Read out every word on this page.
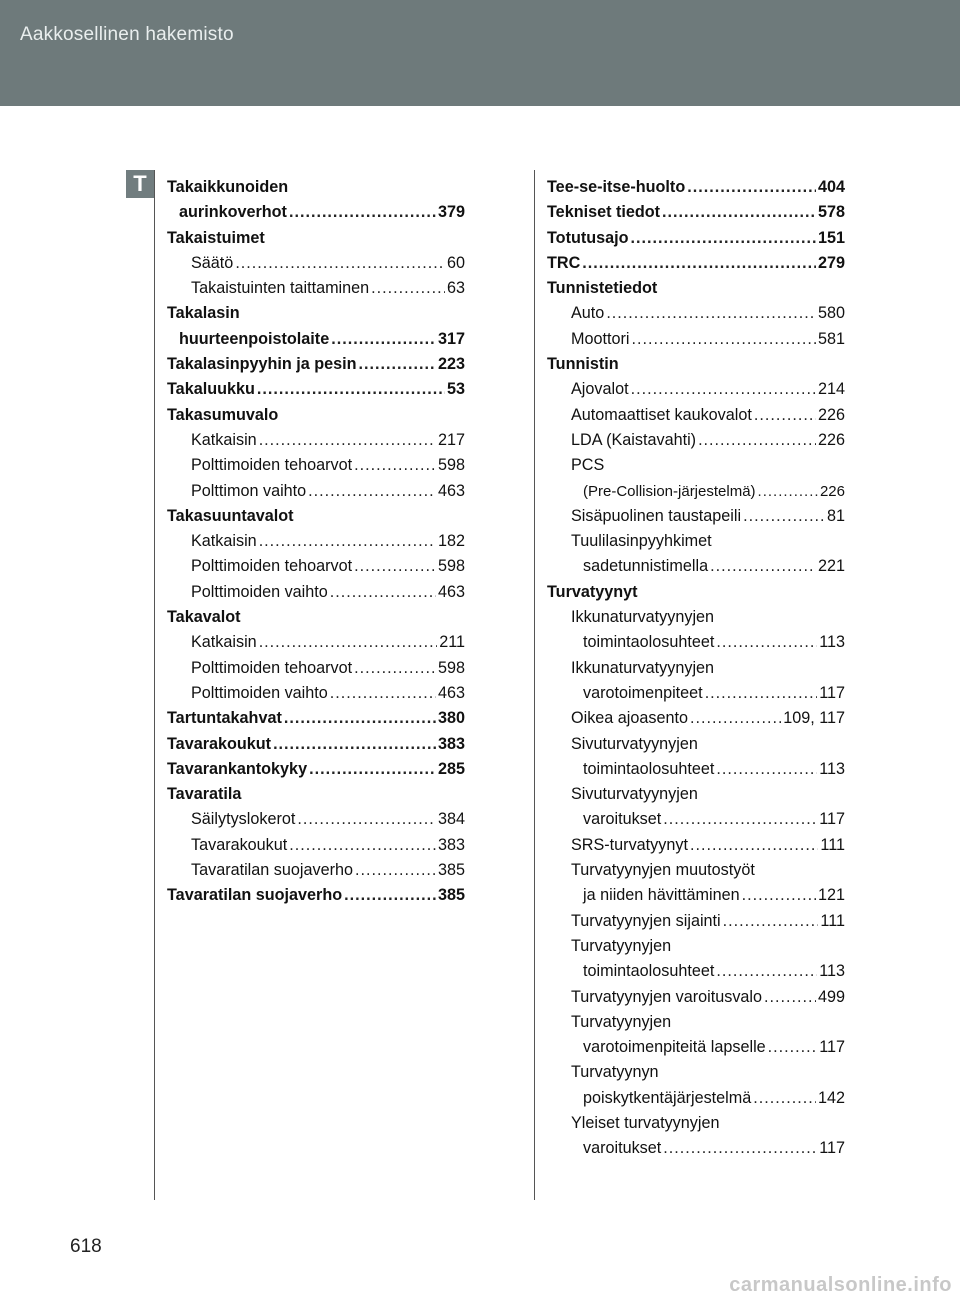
Aakkosellinen hakemisto
T	Takaikkunoiden
aurinkoverhot .....	379
Takaistuimet
Säätö .....	60
Takaistuinten taittaminen .....	63
Takalasin
huurteenpoistolaite .....	317
Takalasinpyyhin ja pesin .....	223
Takaluukku .....	53
Takasumuvalo
Katkaisin .....	217
Polttimoiden tehoarvot .....	598
Polttimon vaihto .....	463
Takasuuntavalot
Katkaisin .....	182
Polttimoiden tehoarvot .....	598
Polttimoiden vaihto .....	463
Takavalot
Katkaisin .....	211
Polttimoiden tehoarvot .....	598
Polttimoiden vaihto .....	463
Tartuntakahvat .....	380
Tavarakoukut .....	383
Tavarankantokyky .....	285
Tavaratila
Säilytyslokerot .....	384
Tavarakoukut .....	383
Tavaratilan suojaverho .....	385
Tavaratilan suojaverho .....	385
Tee-se-itse-huolto .....	404
Tekniset tiedot .....	578
Totutusajo .....	151
TRC .....	279
Tunnistetiedot
Auto .....	580
Moottori .....	581
Tunnistin
Ajovalot .....	214
Automaattiset kaukovalot .....	226
LDA (Kaistavahti) .....	226
PCS
(Pre-Collision-järjestelmä) .....	226
Sisäpuolinen taustapeili .....	81
Tuulilasinpyyhkimet
sadetunnistimella .....	221
Turvatyynyt
Ikkunaturvatyynyjen
toimintaolosuhteet .....	113
Ikkunaturvatyynyjen
varotoimenpiteet .....	117
Oikea ajoasento .....	109, 117
Sivuturvatyynyjen
toimintaolosuhteet .....	113
Sivuturvatyynyjen
varoitukset .....	117
SRS-turvatyynyt .....	111
Turvatyynyjen muutostyöt
ja niiden hävittäminen .....	121
Turvatyynyjen sijainti .....	111
Turvatyynyjen
toimintaolosuhteet .....	113
Turvatyynyjen varoitusvalo .....	499
Turvatyynyjen
varotoimenpiteitä lapselle .....	117
Turvatyynyn
poiskytkentäjärjestelmä .....	142
Yleiset turvatyynyjen
varoitukset .....	117
618
carmanualsonline.info
